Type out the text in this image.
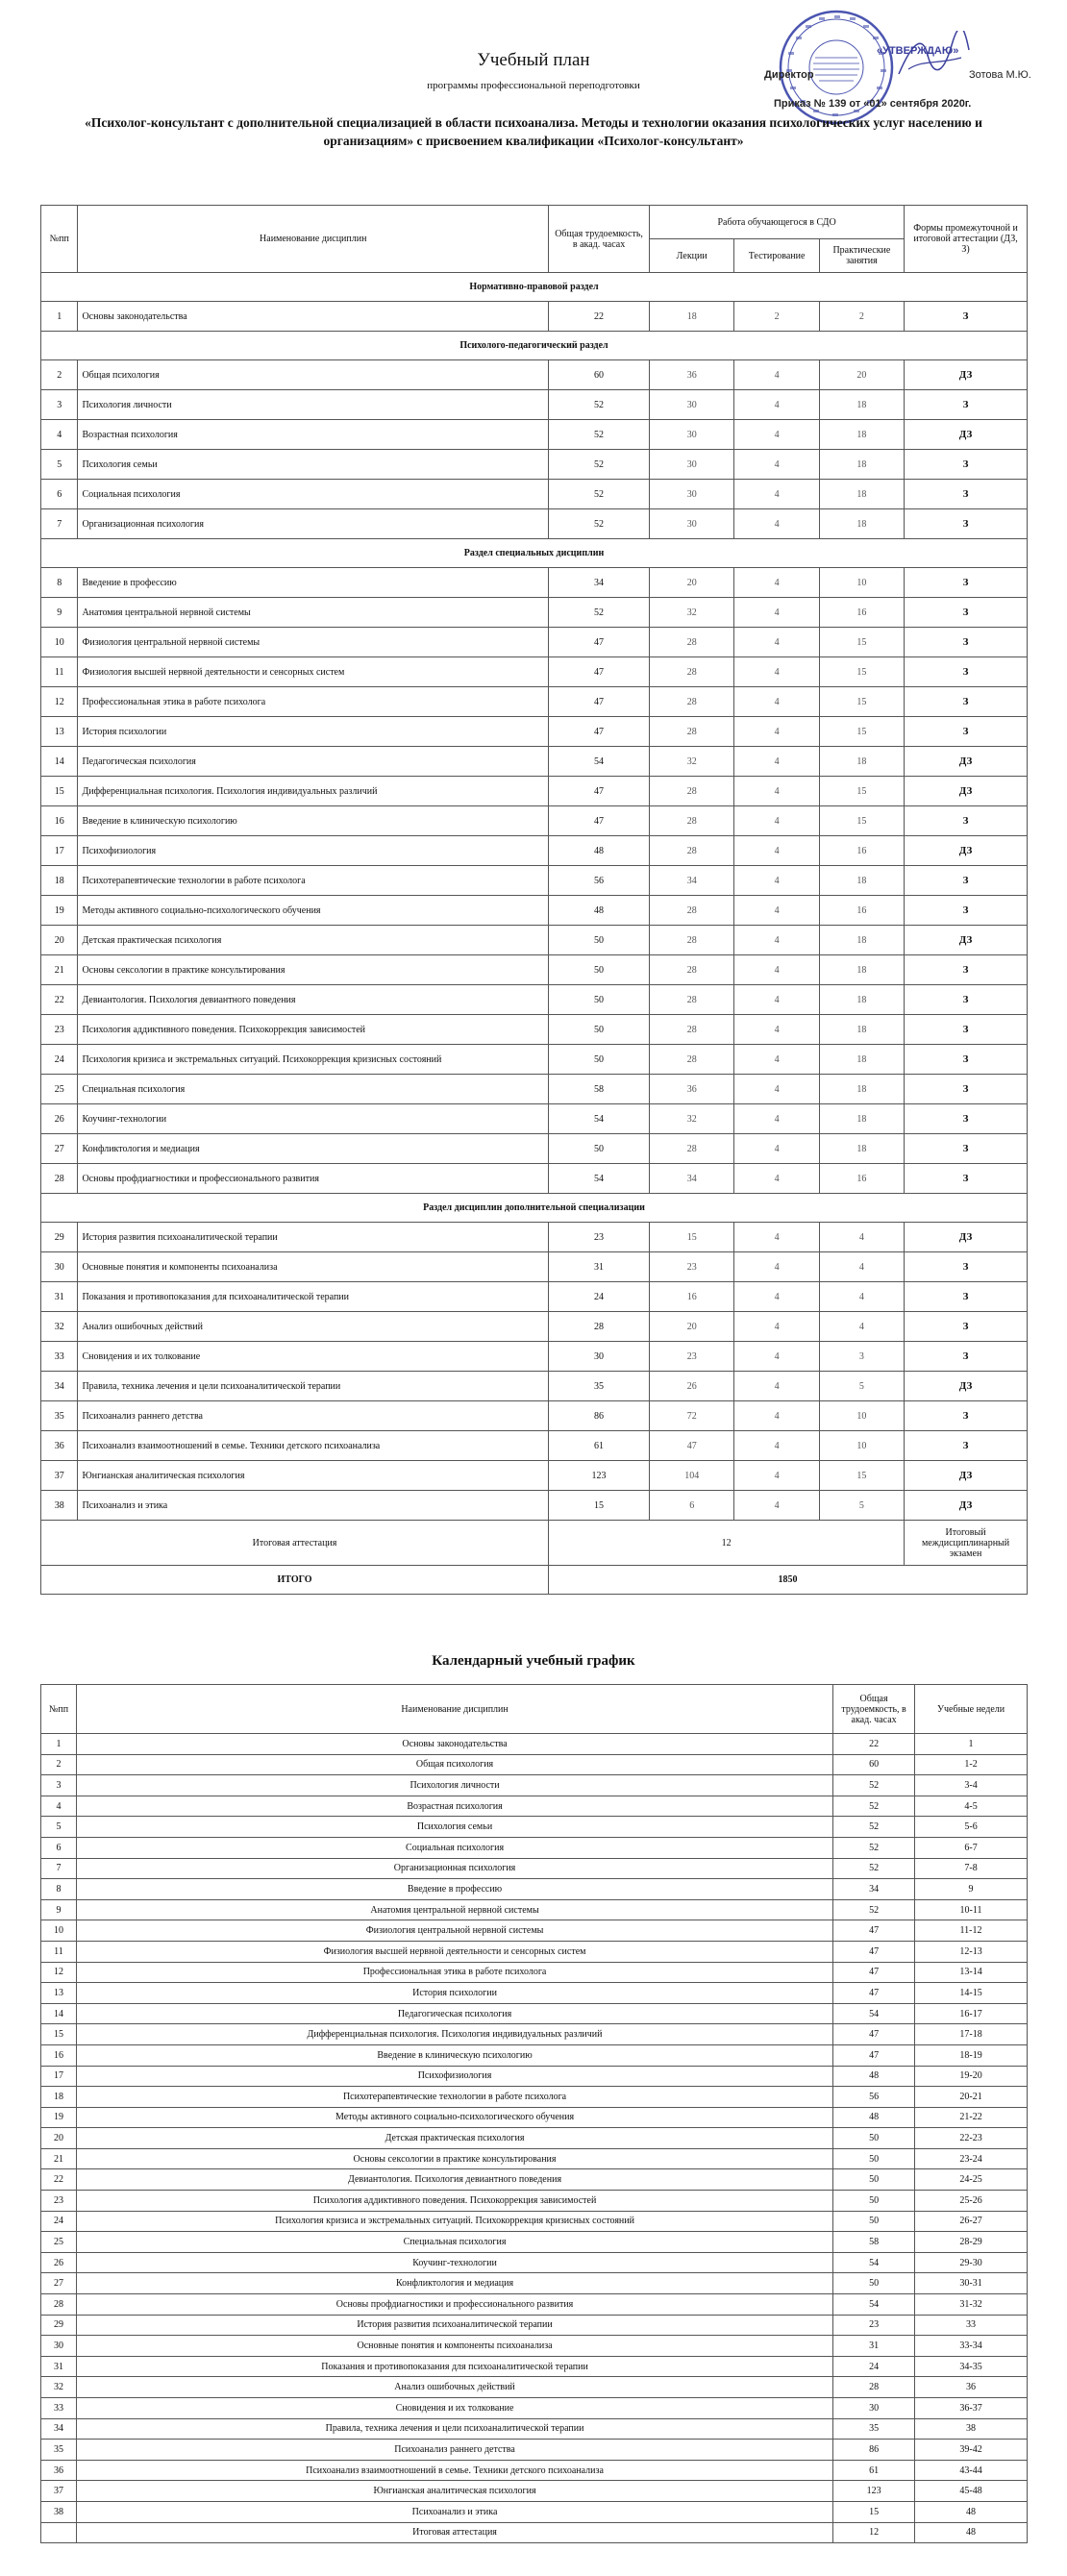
«УТВЕРЖДАЮ»
Директор	Зотова М.Ю.
Приказ № 139 от «01» сентября 2020г.
Учебный план
программы профессиональной переподготовки
«Психолог-консультант с дополнительной специализацией в области психоанализа. Методы и технологии оказания психологических услуг населению и организациям» с присвоением квалификации «Психолог-консультант»
№пп	Наименование дисциплин	Общая трудоемкость, в акад. часах	Работа обучающегося в СДО			Формы промежуточной и итоговой аттестации (ДЗ, З)
			Лекции	Тестирование	Практические занятия	
Нормативно-правовой раздел						
1	Основы законодательства	22	18	2	2	З
Психолого-педагогический раздел						
2	Общая психология	60	36	4	20	ДЗ
3	Психология личности	52	30	4	18	З
4	Возрастная психология	52	30	4	18	ДЗ
5	Психология семьи	52	30	4	18	З
6	Социальная психология	52	30	4	18	З
7	Организационная психология	52	30	4	18	З
Раздел специальных дисциплин						
8	Введение в профессию	34	20	4	10	З
9	Анатомия центральной нервной системы	52	32	4	16	З
10	Физиология центральной нервной системы	47	28	4	15	З
11	Физиология высшей нервной деятельности и сенсорных систем	47	28	4	15	З
12	Профессиональная этика в работе психолога	47	28	4	15	З
13	История психологии	47	28	4	15	З
14	Педагогическая психология	54	32	4	18	ДЗ
15	Дифференциальная психология. Психология индивидуальных различий	47	28	4	15	ДЗ
16	Введение в клиническую психологию	47	28	4	15	З
17	Психофизиология	48	28	4	16	ДЗ
18	Психотерапевтические технологии в работе психолога	56	34	4	18	З
19	Методы активного социально-психологического обучения	48	28	4	16	З
20	Детская практическая психология	50	28	4	18	ДЗ
21	Основы сексологии в практике консультирования	50	28	4	18	З
22	Девиантология. Психология девиантного поведения	50	28	4	18	З
23	Психология аддиктивного поведения. Психокоррекция зависимостей	50	28	4	18	З
24	Психология кризиса и экстремальных ситуаций. Психокоррекция кризисных состояний	50	28	4	18	З
25	Специальная психология	58	36	4	18	З
26	Коучинг-технологии	54	32	4	18	З
27	Конфликтология и медиация	50	28	4	18	З
28	Основы профдиагностики и профессионального развития	54	34	4	16	З
Раздел дисциплин дополнительной специализации						
29	История развития психоаналитической терапии	23	15	4	4	ДЗ
30	Основные понятия и компоненты психоанализа	31	23	4	4	З
31	Показания и противопоказания для психоаналитической терапии	24	16	4	4	З
32	Анализ ошибочных действий	28	20	4	4	З
33	Сновидения и их толкование	30	23	4	3	З
34	Правила, техника лечения и цели психоаналитической терапии	35	26	4	5	ДЗ
35	Психоанализ раннего детства	86	72	4	10	З
36	Психоанализ взаимоотношений в семье. Техники детского психоанализа	61	47	4	10	З
37	Юнгианская аналитическая психология	123	104	4	15	ДЗ
38	Психоанализ и этика	15	6	4	5	ДЗ
Итоговая аттестация		12				Итоговый междисциплинарный экзамен
ИТОГО		1850				
Календарный учебный график
№пп	Наименование дисциплин	Общая трудоемкость, в акад. часах	Учебные недели
1	Основы законодательства	22	1
2	Общая психология	60	1-2
3	Психология личности	52	3-4
4	Возрастная психология	52	4-5
5	Психология семьи	52	5-6
6	Социальная психология	52	6-7
7	Организационная психология	52	7-8
8	Введение в профессию	34	9
9	Анатомия центральной нервной системы	52	10-11
10	Физиология центральной нервной системы	47	11-12
11	Физиология высшей нервной деятельности и сенсорных систем	47	12-13
12	Профессиональная этика в работе психолога	47	13-14
13	История психологии	47	14-15
14	Педагогическая психология	54	16-17
15	Дифференциальная психология. Психология индивидуальных различий	47	17-18
16	Введение в клиническую психологию	47	18-19
17	Психофизиология	48	19-20
18	Психотерапевтические технологии в работе психолога	56	20-21
19	Методы активного социально-психологического обучения	48	21-22
20	Детская практическая психология	50	22-23
21	Основы сексологии в практике консультирования	50	23-24
22	Девиантология. Психология девиантного поведения	50	24-25
23	Психология аддиктивного поведения. Психокоррекция зависимостей	50	25-26
24	Психология кризиса и экстремальных ситуаций. Психокоррекция кризисных состояний	50	26-27
25	Специальная психология	58	28-29
26	Коучинг-технологии	54	29-30
27	Конфликтология и медиация	50	30-31
28	Основы профдиагностики и профессионального развития	54	31-32
29	История развития психоаналитической терапии	23	33
30	Основные понятия и компоненты психоанализа	31	33-34
31	Показания и противопоказания для психоаналитической терапии	24	34-35
32	Анализ ошибочных действий	28	36
33	Сновидения и их толкование	30	36-37
34	Правила, техника лечения и цели психоаналитической терапии	35	38
35	Психоанализ раннего детства	86	39-42
36	Психоанализ взаимоотношений в семье. Техники детского психоанализа	61	43-44
37	Юнгианская аналитическая психология	123	45-48
38	Психоанализ и этика	15	48
	Итоговая аттестация	12	48
